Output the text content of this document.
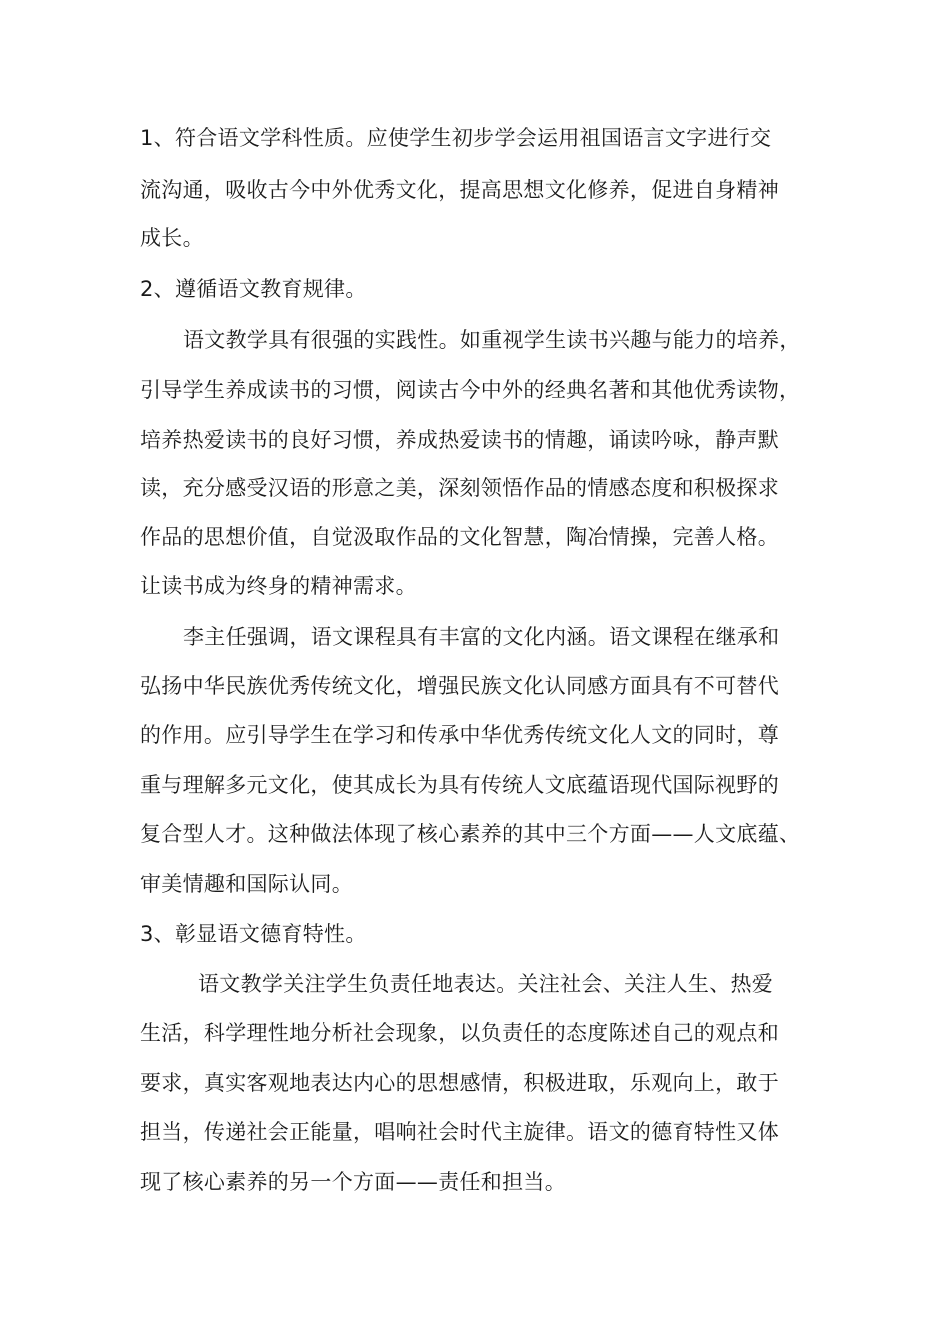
1、符合语文学科性质。应使学生初步学会运用祖国语言文字进行交
流沟通，吸收古今中外优秀文化，提高思想文化修养，促进自身精神
成长。
2、遵循语文教育规律。
语文教学具有很强的实践性。如重视学生读书兴趣与能力的培养，
引导学生养成读书的习惯，阅读古今中外的经典名著和其他优秀读物，
培养热爱读书的良好习惯，养成热爱读书的情趣，诵读吟咏，静声默
读，充分感受汉语的形意之美，深刻领悟作品的情感态度和积极探求
作品的思想价值，自觉汲取作品的文化智慧，陶冶情操，完善人格。
让读书成为终身的精神需求。
李主任强调，语文课程具有丰富的文化内涵。语文课程在继承和
弘扬中华民族优秀传统文化，增强民族文化认同感方面具有不可替代
的作用。应引导学生在学习和传承中华优秀传统文化人文的同时，尊
重与理解多元文化，使其成长为具有传统人文底蕴语现代国际视野的
复合型人才。这种做法体现了核心素养的其中三个方面——人文底蕴、
审美情趣和国际认同。
3、彰显语文德育特性。
语文教学关注学生负责任地表达。关注社会、关注人生、热爱
生活，科学理性地分析社会现象，以负责任的态度陈述自己的观点和
要求，真实客观地表达内心的思想感情，积极进取，乐观向上，敢于
担当，传递社会正能量，唱响社会时代主旋律。语文的德育特性又体
现了核心素养的另一个方面——责任和担当。
